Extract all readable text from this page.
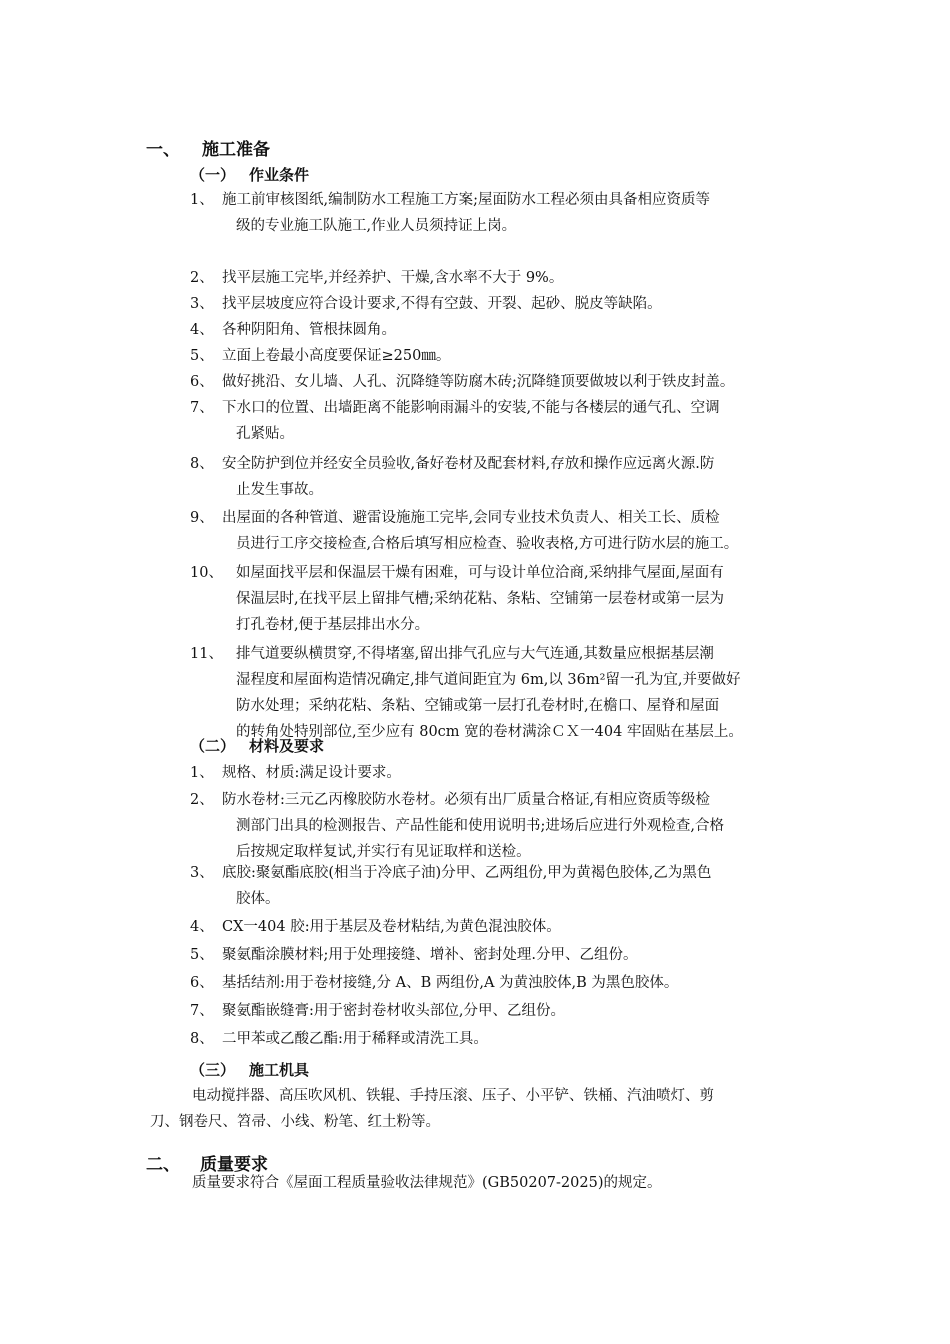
一、 施工准备
（一） 作业条件
1、 施工前审核图纸,编制防水工程施工方案;屋面防水工程必须由具备相应资质等
级的专业施工队施工,作业人员须持证上岗。
2、 找平层施工完毕,并经养护、干燥,含水率不大于 9%。
3、 找平层坡度应符合设计要求,不得有空鼓、开裂、起砂、脱皮等缺陷。
4、 各种阴阳角、管根抹圆角。
5、 立面上卷最小高度要保证≥250㎜。
6、 做好挑沿、女儿墙、人孔、沉降缝等防腐木砖;沉降缝顶要做坡以利于铁皮封盖。
7、 下水口的位置、出墙距离不能影响雨漏斗的安装,不能与各楼层的通气孔、空调
孔紧贴。
8、 安全防护到位并经安全员验收,备好卷材及配套材料,存放和操作应远离火源.防
止发生事故。
9、 出屋面的各种管道、避雷设施施工完毕,会同专业技术负责人、相关工长、质检
员进行工序交接检查,合格后填写相应检查、验收表格,方可进行防水层的施工。
10、 如屋面找平层和保温层干燥有困难，可与设计单位洽商,采纳排气屋面,屋面有
保温层时,在找平层上留排气槽;采纳花粘、条粘、空铺第一层卷材或第一层为
打孔卷材,便于基层排出水分。
11、 排气道要纵横贯穿,不得堵塞,留出排气孔应与大气连通,其数量应根据基层潮
湿程度和屋面构造情况确定,排气道间距宜为 6m,以 36m²留一孔为宜,并要做好
防水处理；采纳花粘、条粘、空铺或第一层打孔卷材时,在檐口、屋脊和屋面
的转角处特别部位,至少应有 80cm 宽的卷材满涂ＣＸ一404 牢固贴在基层上。
（二） 材料及要求
1、 规格、材质:满足设计要求。
2、 防水卷材:三元乙丙橡胶防水卷材。必须有出厂质量合格证,有相应资质等级检
测部门出具的检测报告、产品性能和使用说明书;进场后应进行外观检查,合格
后按规定取样复试,并实行有见证取样和送检。
3、 底胶:聚氨酯底胶(相当于冷底子油)分甲、乙两组份,甲为黄褐色胶体,乙为黑色
胶体。
4、 CX一404 胶:用于基层及卷材粘结,为黄色混浊胶体。
5、 聚氨酯涂膜材料;用于处理接缝、增补、密封处理.分甲、乙组份。
6、 基括结剂:用于卷材接缝,分 A、B 两组份,A 为黄浊胶体,B 为黑色胶体。
7、 聚氨酯嵌缝膏:用于密封卷材收头部位,分甲、乙组份。
8、 二甲苯或乙酸乙酯:用于稀释或清洗工具。
（三） 施工机具
电动搅拌器、高压吹风机、铁辊、手持压滚、压子、小平铲、铁桶、汽油喷灯、剪
刀、钢卷尺、笤帚、小线、粉笔、红土粉等。
二、 质量要求
质量要求符合《屋面工程质量验收法律规范》(GB50207-2025)的规定。
